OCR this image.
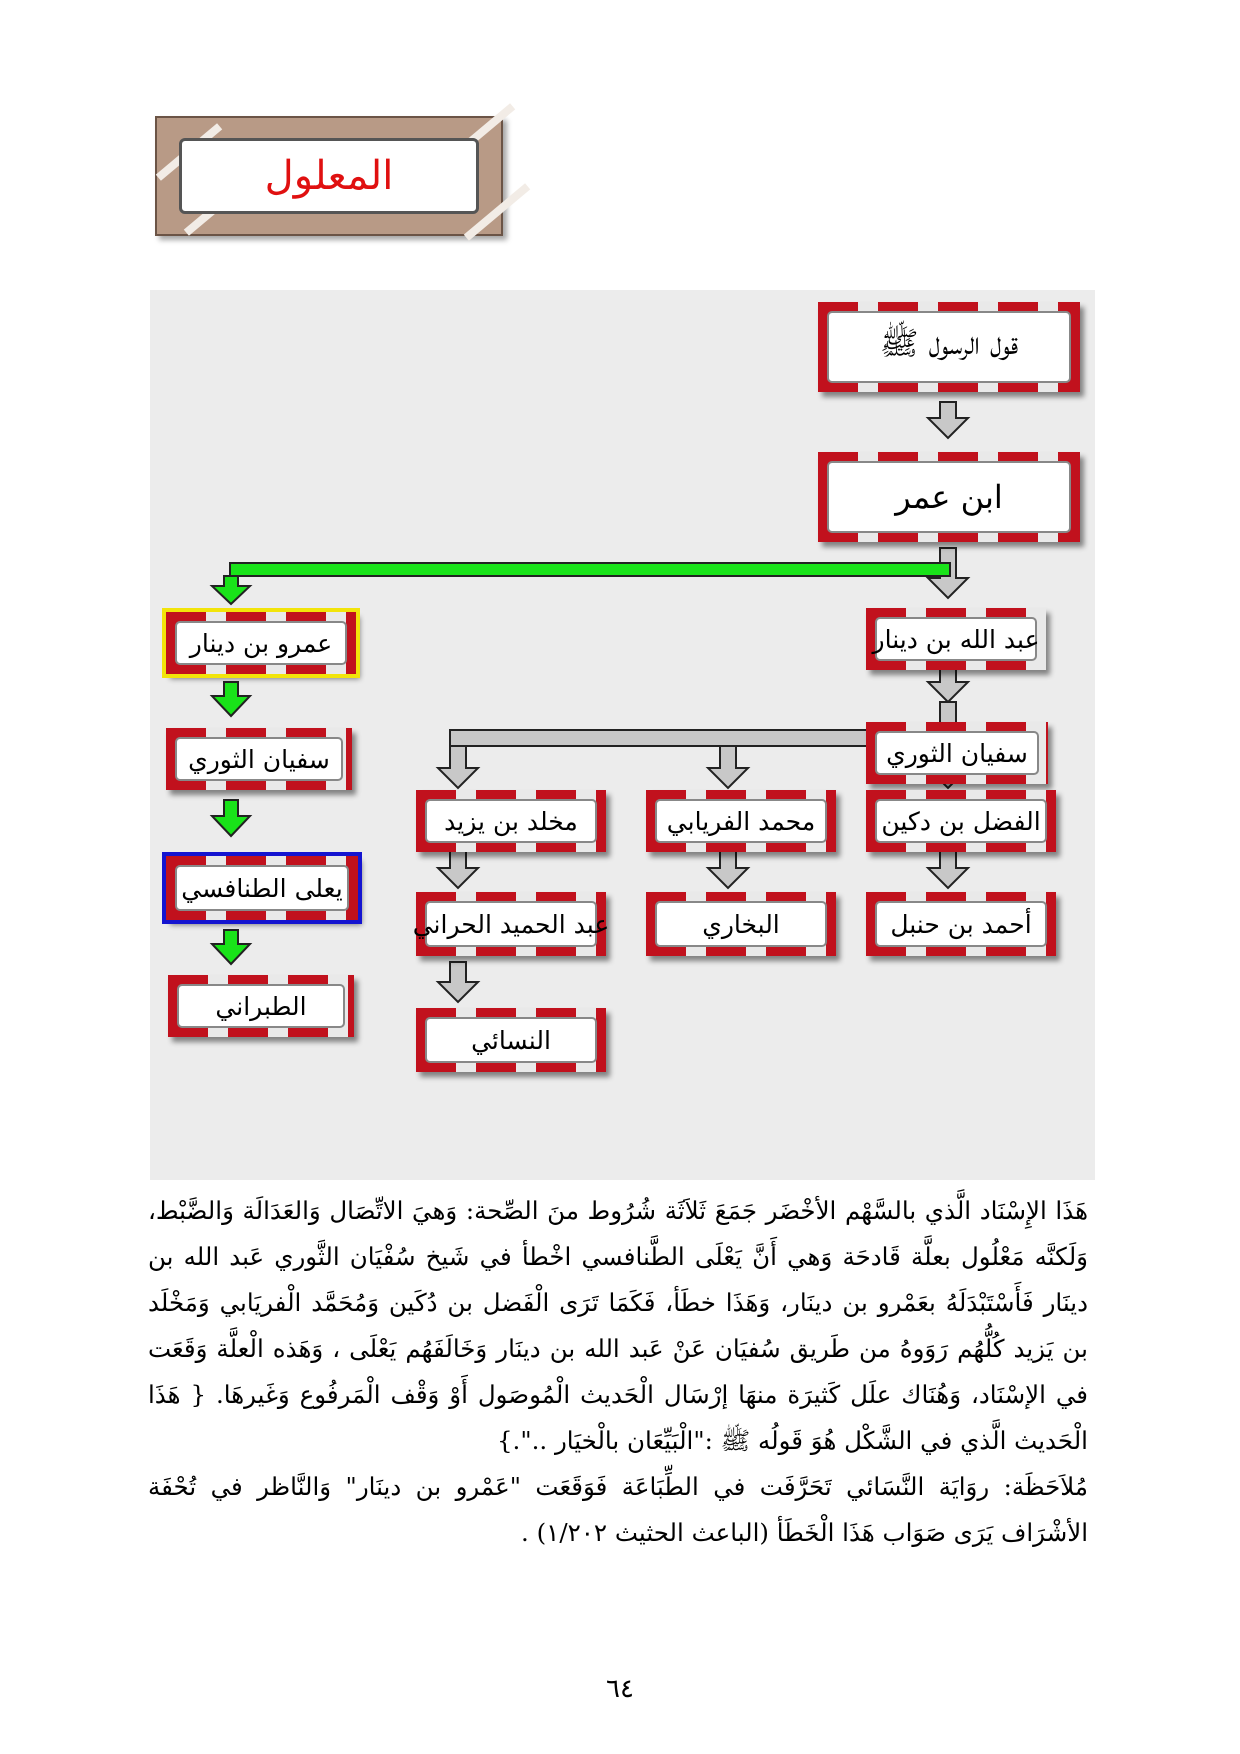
المعلول
قول الرسول ﷺ
ابن عمر
عبد الله بن دينار
عمرو بن دينار
سفيان الثوري
سفيان الثوري
يعلى الطنافسي
الطبراني
الفضل بن دكين
محمد الفريابي
مخلد بن يزيد
أحمد بن حنبل
البخاري
عبد الحميد الحراني
النسائي

هَذَا الإِسْنَاد الَّذي بالسَّهْم الأخْضَر جَمَعَ ثَلاَثَة شُرُوط منَ الصِّحة: وَهيَ الاتِّصَال وَالعَدَالَة وَالضَّبْط، وَلَكنَّه مَعْلُول بعلَّة قَادحَة وَهي أَنَّ يَعْلَى الطَّنافسي اخْطأ في شَيخ سُفْيَان الثَّوري عَبد الله بن دينَار فَأَسْتَبْدَلَهُ بعَمْرو بن دينَار، وَهَذَا خطَأ، فَكَمَا تَرَى الْفَضل بن دُكَين وَمُحَمَّد الْفريَابي وَمَخْلَد بن يَزيد كُلُّهُم رَوَوهُ من طَريق سُفيَان عَنْ عَبد الله بن دينَار وَخَالَفَهُم يَعْلَى ، وَهَذه الْعلَّة وَقَعَت في الإسْنَاد، وَهُنَاك علَل كَثيرَة منهَا إرْسَال الْحَديث الْمُوصَول أَوْ وَقْف الْمَرفُوع وَغَيرهَا. { هَذَا الْحَديث الَّذي في الشَّكْل هُوَ قَولُه ﷺ :"الْبَيِّعَان بالْخيَار ..".}

مُلاَحَظَة: روَايَة النَّسَائي تَحَرَّفَت في الطِّبَاعَة فَوَقَعَت "عَمْرو بن دينَار" وَالنَّاظر في تُحْفَة الأشْرَاف يَرَى صَوَاب هَذَا الْخَطَأ (الباعث الحثيث ١/٢٠٢) .

٦٤
